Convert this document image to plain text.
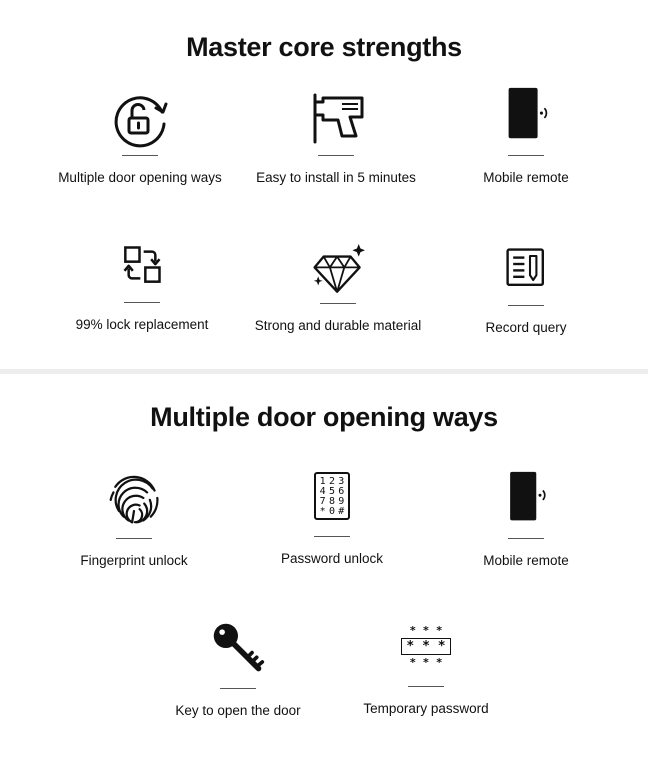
Master core strengths
Multiple door opening ways	Easy to install in 5 minutes	Mobile remote
99% lock replacement	Strong and durable material	Record query
Multiple door opening ways
Fingerprint unlock
1 2 3
4 5 6
7 8 9
* 0 #
Password unlock	Mobile remote
Key to open the door
* * *
* * *
* * *
Temporary password
